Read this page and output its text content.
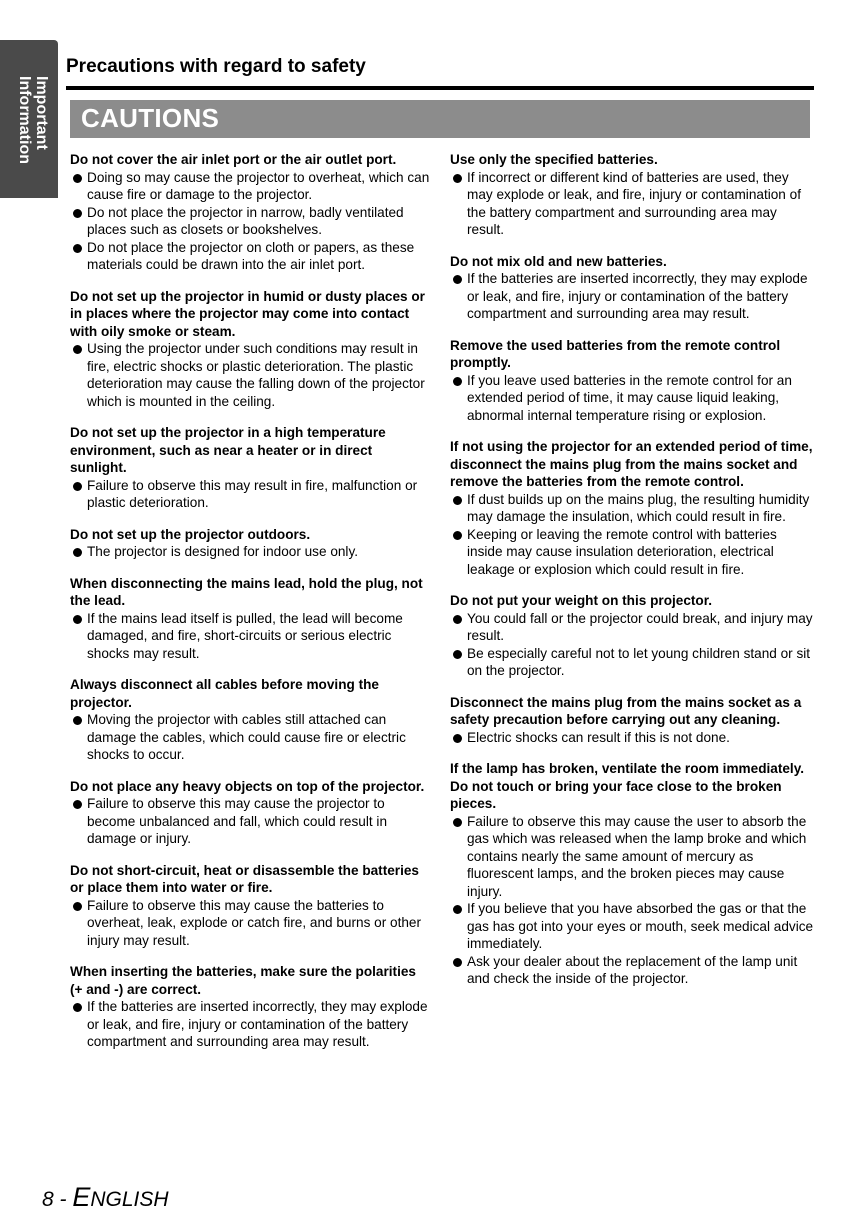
Important
Information
Precautions with regard to safety
CAUTIONS
Do not cover the air inlet port or the air outlet port.
Doing so may cause the projector to overheat, which can cause fire or damage to the projector.
Do not place the projector in narrow, badly ventilated places such as closets or bookshelves.
Do not place the projector on cloth or papers, as these materials could be drawn into the air inlet port.
Do not set up the projector in humid or dusty places or in places where the projector may come into contact with oily smoke or steam.
Using the projector under such conditions may result in fire, electric shocks or plastic deterioration. The plastic deterioration may cause the falling down of the projector which is mounted in the ceiling.
Do not set up the projector in a high temperature environment, such as near a heater or in direct sunlight.
Failure to observe this may result in fire, malfunction or plastic deterioration.
Do not set up the projector outdoors.
The projector is designed for indoor use only.
When disconnecting the mains lead, hold the plug, not the lead.
If the mains lead itself is pulled, the lead will become damaged, and fire, short-circuits or serious electric shocks may result.
Always disconnect all cables before moving the projector.
Moving the projector with cables still attached can damage the cables, which could cause fire or electric shocks to occur.
Do not place any heavy objects on top of the projector.
Failure to observe this may cause the projector to become unbalanced and fall, which could result in damage or injury.
Do not short-circuit, heat or disassemble the batteries or place them into water or fire.
Failure to observe this may cause the batteries to overheat, leak, explode or catch fire, and burns or other injury may result.
When inserting the batteries, make sure the polarities (+ and -) are correct.
If the batteries are inserted incorrectly, they may explode or leak, and fire, injury or contamination of the battery compartment and surrounding area may result.
Use only the specified batteries.
If incorrect or different kind of batteries are used, they may explode or leak, and fire, injury or contamination of the battery compartment and surrounding area may result.
Do not mix old and new batteries.
If the batteries are inserted incorrectly, they may explode or leak, and fire, injury or contamination of the battery compartment and surrounding area may result.
Remove the used batteries from the remote control promptly.
If you leave used batteries in the remote control for an extended period of time, it may cause liquid leaking, abnormal internal temperature rising or explosion.
If not using the projector for an extended period of time, disconnect the mains plug from the mains socket and remove the batteries from the remote control.
If dust builds up on the mains plug, the resulting humidity may damage the insulation, which could result in fire.
Keeping or leaving the remote control with batteries inside may cause insulation deterioration, electrical leakage or explosion which could result in fire.
Do not put your weight on this projector.
You could fall or the projector could break, and injury may result.
Be especially careful not to let young children stand or sit on the projector.
Disconnect the mains plug from the mains socket as a safety precaution before carrying out any cleaning.
Electric shocks can result if this is not done.
If the lamp has broken, ventilate the room immediately. Do not touch or bring your face close to the broken pieces.
Failure to observe this may cause the user to absorb the gas which was released when the lamp broke and which contains nearly the same amount of mercury as fluorescent lamps, and the broken pieces may cause injury.
If you believe that you have absorbed the gas or that the gas has got into your eyes or mouth, seek medical advice immediately.
Ask your dealer about the replacement of the lamp unit and check the inside of the projector.
8 - ENGLISH
